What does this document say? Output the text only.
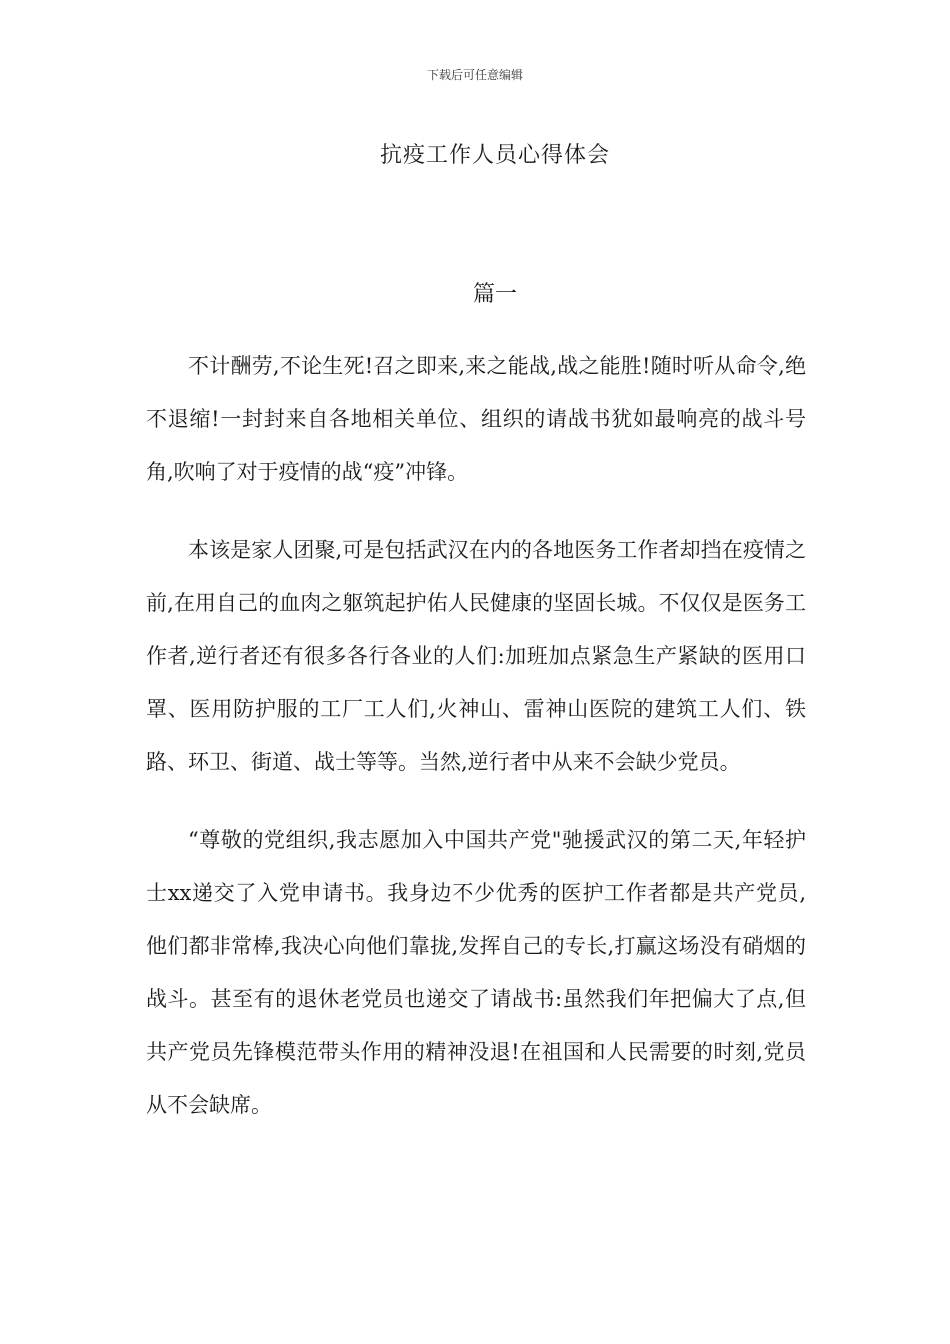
下载后可任意编辑
抗疫工作人员心得体会
篇一

不计酬劳,不论生死!召之即来,来之能战,战之能胜!随时听从命令,绝不退缩!一封封来自各地相关单位、组织的请战书犹如最响亮的战斗号角,吹响了对于疫情的战“疫”冲锋。

本该是家人团聚,可是包括武汉在内的各地医务工作者却挡在疫情之前,在用自己的血肉之躯筑起护佑人民健康的坚固长城。不仅仅是医务工作者,逆行者还有很多各行各业的人们:加班加点紧急生产紧缺的医用口罩、医用防护服的工厂工人们,火神山、雷神山医院的建筑工人们、铁路、环卫、街道、战士等等。当然,逆行者中从来不会缺少党员。

“尊敬的党组织,我志愿加入中国共产党"驰援武汉的第二天,年轻护士xx递交了入党申请书。我身边不少优秀的医护工作者都是共产党员,他们都非常棒,我决心向他们靠拢,发挥自己的专长,打赢这场没有硝烟的战斗。甚至有的退休老党员也递交了请战书:虽然我们年把偏大了点,但共产党员先锋模范带头作用的精神没退!在祖国和人民需要的时刻,党员从不会缺席。
